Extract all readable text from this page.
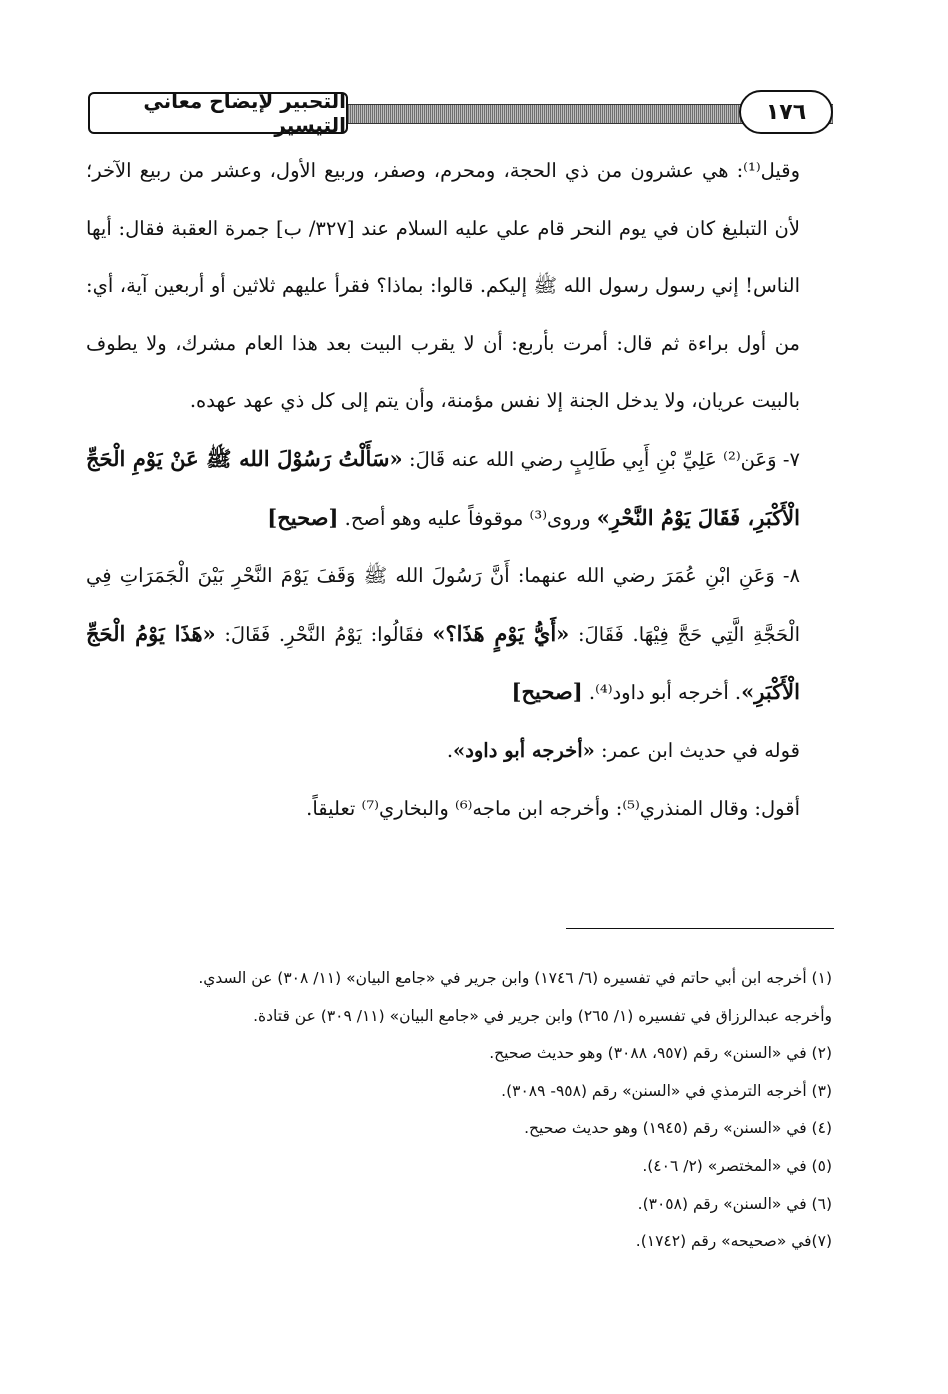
التحبير لإيضاح معاني التيسير
١٧٦

وقيل⁽¹⁾: هي عشرون من ذي الحجة، ومحرم، وصفر، وربيع الأول، وعشر من ربيع الآخر؛ لأن التبليغ كان في يوم النحر قام علي عليه السلام عند [٣٢٧/ ب] جمرة العقبة فقال: أيها الناس! إني رسول رسول الله ﷺ إليكم. قالوا: بماذا؟ فقرأ عليهم ثلاثين أو أربعين آية، أي: من أول براءة ثم قال: أمرت بأربع: أن لا يقرب البيت بعد هذا العام مشرك، ولا يطوف بالبيت عريان، ولا يدخل الجنة إلا نفس مؤمنة، وأن يتم إلى كل ذي عهد عهده.

٧- وَعَن⁽²⁾ عَلِيِّ بْنِ أَبِي طَالِبٍ رضي الله عنه قَالَ: «سَأَلْتُ رَسُوْلَ الله ﷺ عَنْ يَوْمِ الْحَجِّ الْأَكْبَرِ، فَقَالَ يَوْمُ النَّحْرِ» وروى⁽³⁾ موقوفاً عليه وهو أصح. [صحيح]

٨- وَعَنِ ابْنِ عُمَرَ رضي الله عنهما: أَنَّ رَسُولَ الله ﷺ وَقَفَ يَوْمَ النَّحْرِ بَيْنَ الْجَمَرَاتِ فِي الْحَجَّةِ الَّتِي حَجَّ فِيْهَا. فَقَالَ: «أَيُّ يَوْمٍ هَذَا؟» فقَالُوا: يَوْمُ النَّحْرِ. فَقَالَ: «هَذَا يَوْمُ الْحَجِّ الْأَكْبَرِ». أخرجه أبو داود⁽⁴⁾. [صحيح]

قوله في حديث ابن عمر: «أخرجه أبو داود».

أقول: وقال المنذري⁽⁵⁾: وأخرجه ابن ماجه⁽⁶⁾ والبخاري⁽⁷⁾ تعليقاً.

(١) أخرجه ابن أبي حاتم في تفسيره (٦/ ١٧٤٦) وابن جرير في «جامع البيان» (١١/ ٣٠٨) عن السدي.

وأخرجه عبدالرزاق في تفسيره (١/ ٢٦٥) وابن جرير في «جامع البيان» (١١/ ٣٠٩) عن قتادة.

(٢) في «السنن» رقم (٩٥٧، ٣٠٨٨) وهو حديث صحيح.

(٣) أخرجه الترمذي في «السنن» رقم (٩٥٨- ٣٠٨٩).

(٤) في «السنن» رقم (١٩٤٥) وهو حديث صحيح.

(٥) في «المختصر» (٢/ ٤٠٦).

(٦) في «السنن» رقم (٣٠٥٨).

(٧)في «صحيحه» رقم (١٧٤٢).
